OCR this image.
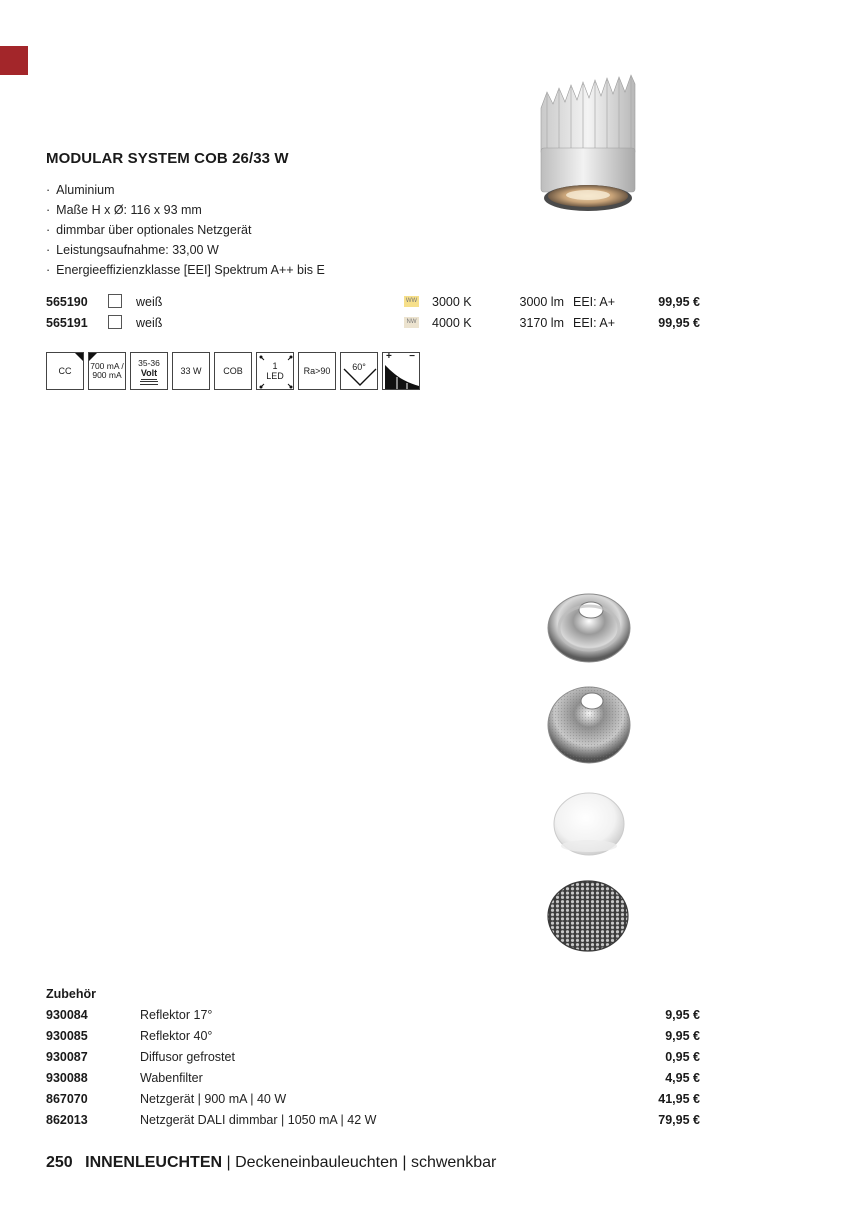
MODULAR SYSTEM COB 26/33 W
· Aluminium
· Maße H x Ø: 116 x 93 mm
· dimmbar über optionales Netzgerät
· Leistungsaufnahme: 33,00 W
· Energieeffizienzklasse [EEI] Spektrum A++ bis E
565190	weiß	WW 3000 K	3000 lm EEI: A+	99,95 €
565191	weiß	NW 4000 K	3170 lm EEI: A+	99,95 €
CC 700 mA / 900 mA
35-36
Volt	33 W COB	1
LED Ra>90 60°
+ −
Zubehör
930084	Reflektor 17°	9,95 €
930085	Reflektor 40°	9,95 €
930087	Diffusor gefrostet	0,95 €
930088	Wabenfilter	4,95 €
867070	Netzgerät | 900 mA | 40 W	41,95 €
862013	Netzgerät DALI dimmbar | 1050 mA | 42 W	79,95 €
250 INNENLEUCHTEN | Deckeneinbauleuchten | schwenkbar
